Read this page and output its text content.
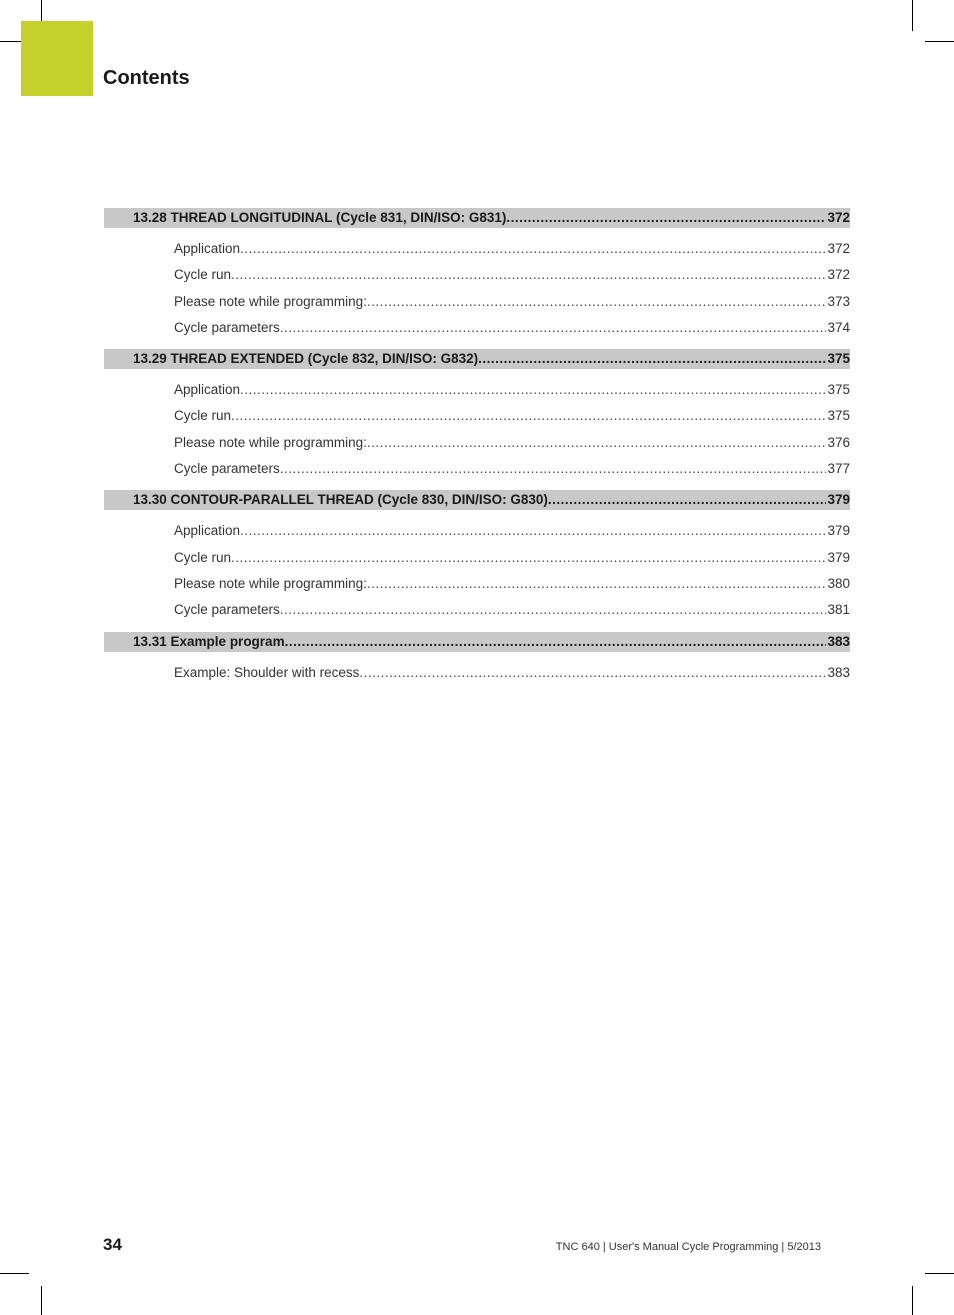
Contents
13.28 THREAD LONGITUDINAL (Cycle 831, DIN/ISO: G831) .....	372
Application .....	372
Cycle run .....	372
Please note while programming: .....	373
Cycle parameters .....	374
13.29 THREAD EXTENDED (Cycle 832, DIN/ISO: G832) .....	375
Application .....	375
Cycle run .....	375
Please note while programming: .....	376
Cycle parameters .....	377
13.30 CONTOUR-PARALLEL THREAD (Cycle 830, DIN/ISO: G830) .....	379
Application .....	379
Cycle run .....	379
Please note while programming: .....	380
Cycle parameters .....	381
13.31 Example program .....	383
Example: Shoulder with recess .....	383
34	TNC 640 | User's Manual Cycle Programming | 5/2013
